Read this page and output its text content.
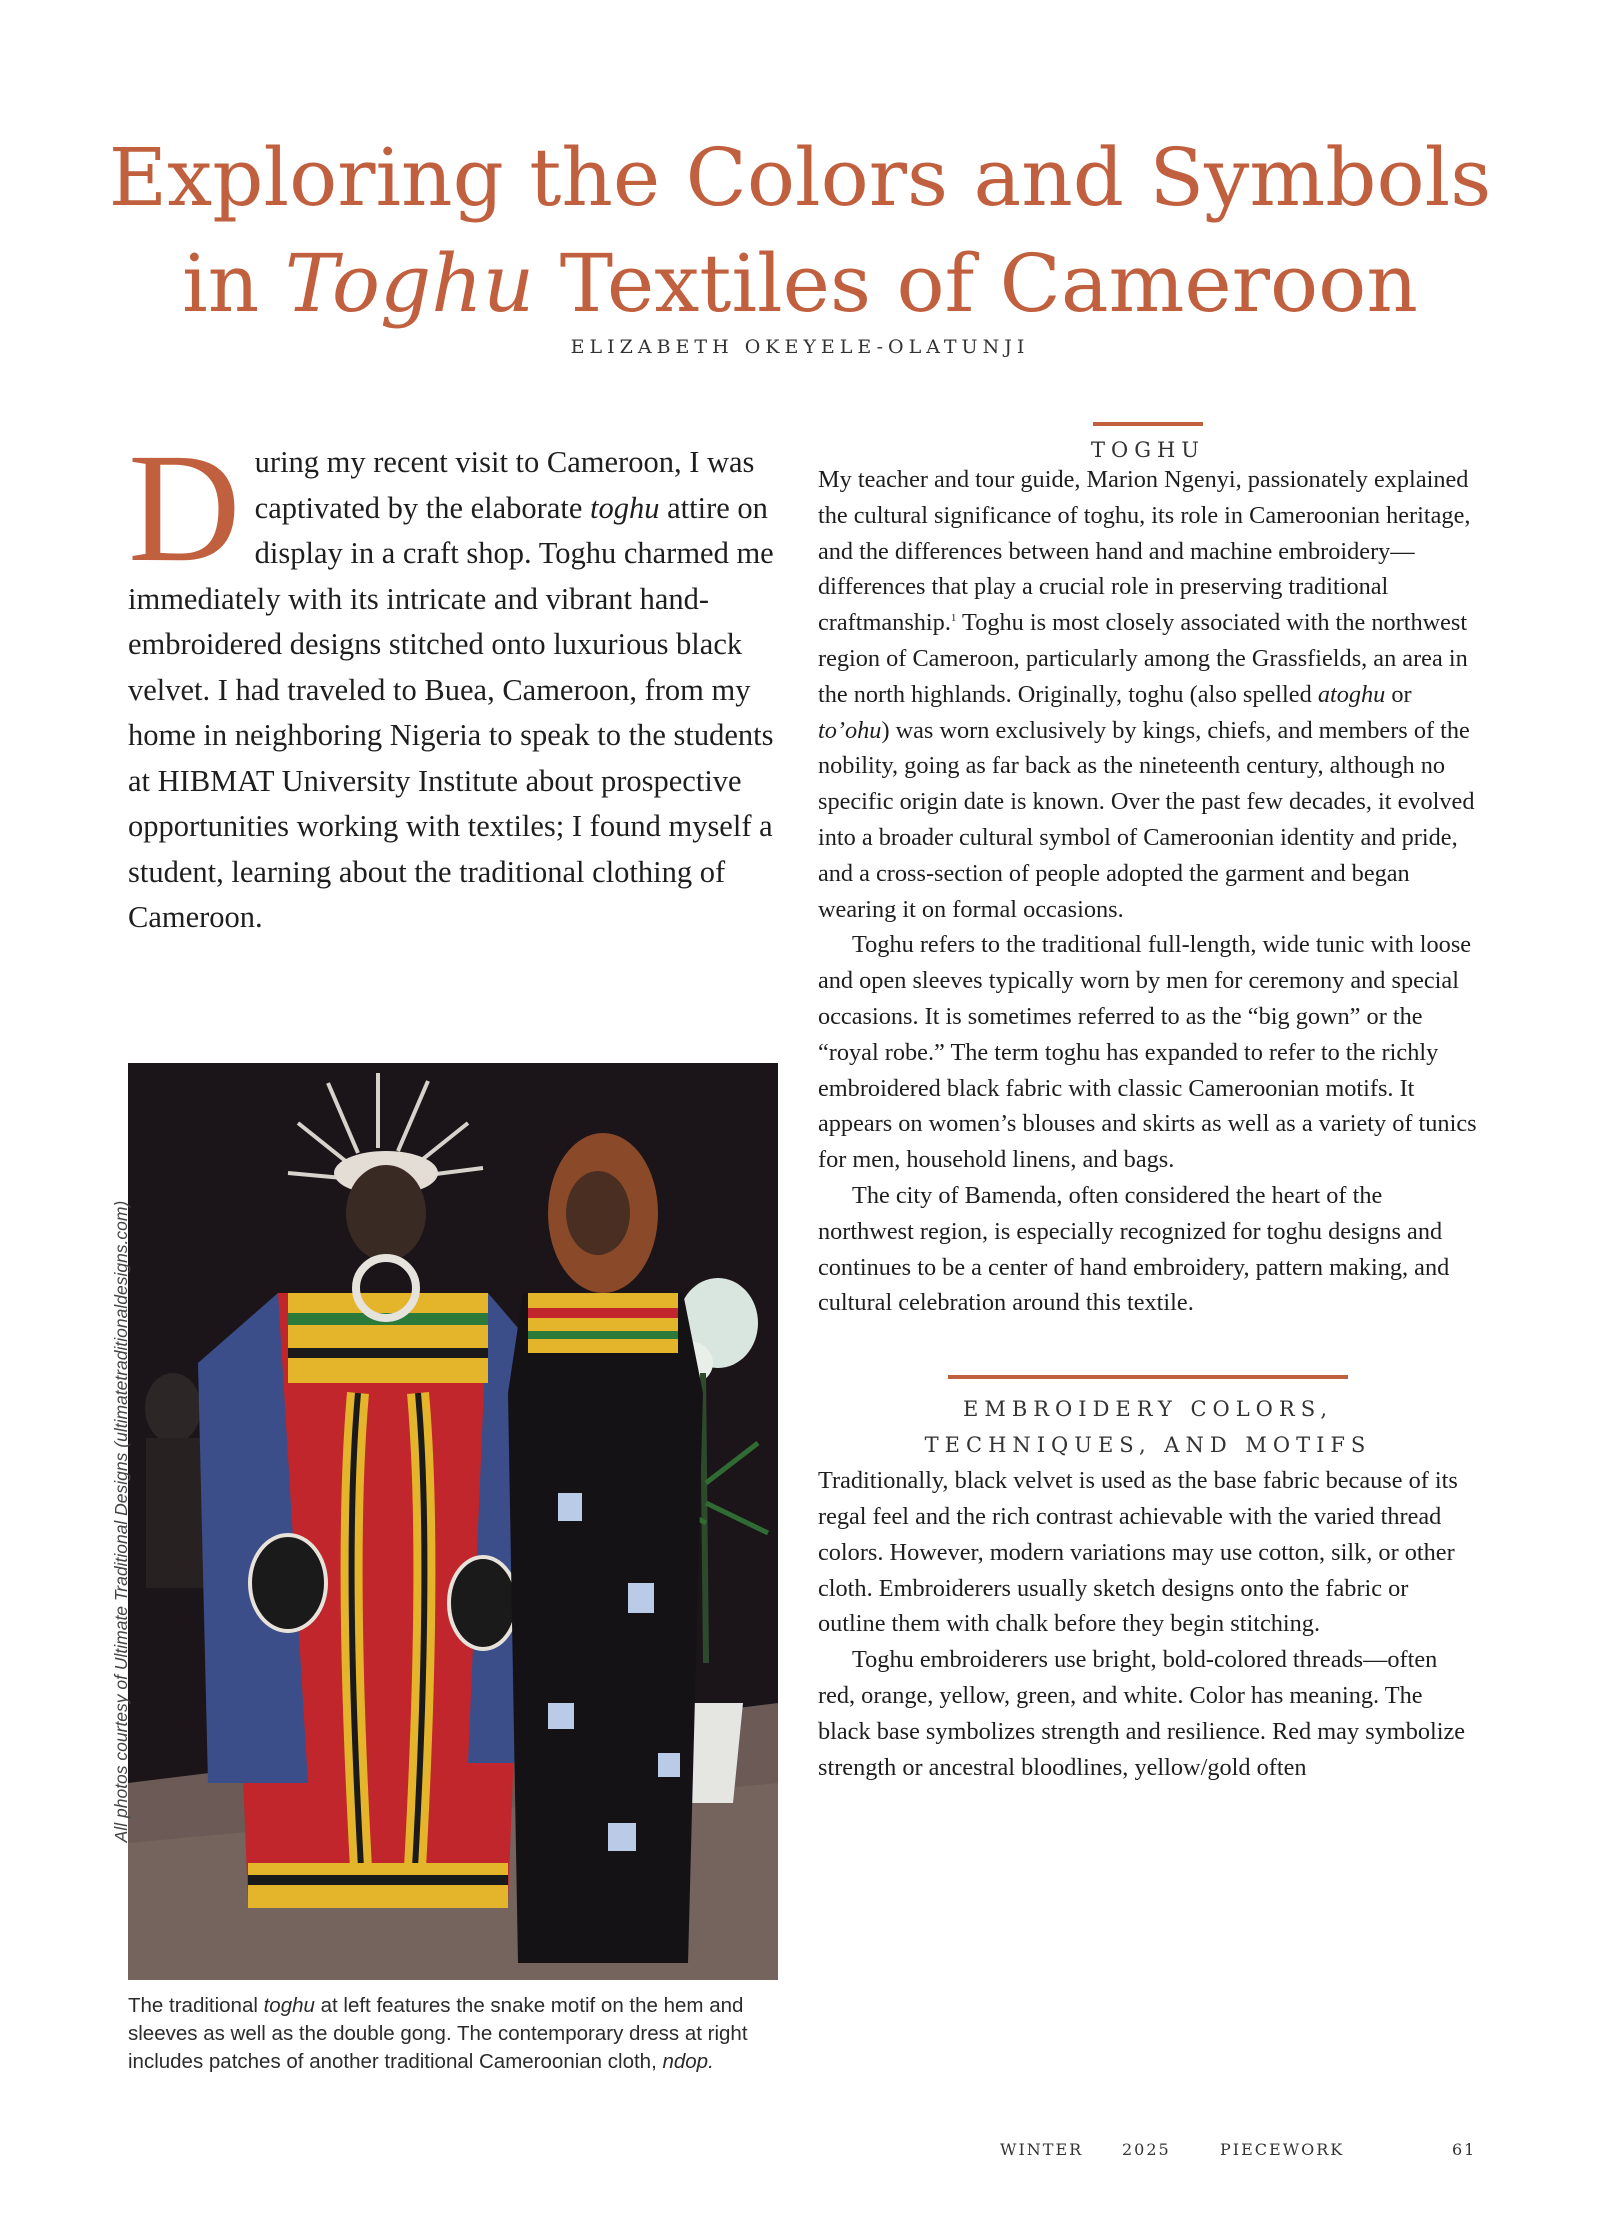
Exploring the Colors and Symbols
in Toghu Textiles of Cameroon
ELIZABETH OKEYELE-OLATUNJI

During my recent visit to Cameroon, I was captivated by the elaborate toghu attire on display in a craft shop. Toghu charmed me immediately with its intricate and vibrant hand-embroidered designs stitched onto luxurious black velvet. I had traveled to Buea, Cameroon, from my home in neighboring Nigeria to speak to the students at HIBMAT University Institute about prospective opportunities working with textiles; I found myself a student, learning about the traditional clothing of Cameroon.

All photos courtesy of Ultimate Traditional Designs (ultimatetraditionaldesigns.com)
The traditional toghu at left features the snake motif on the hem and sleeves as well as the double gong. The contemporary dress at right includes patches of another traditional Cameroonian cloth, ndop.
TOGHU

My teacher and tour guide, Marion Ngenyi, passionately explained the cultural significance of toghu, its role in Cameroonian heritage, and the differences between hand and machine embroidery—differences that play a crucial role in preserving traditional craftmanship.$^1$ Toghu is most closely associated with the northwest region of Cameroon, particularly among the Grassfields, an area in the north highlands. Originally, toghu (also spelled atoghu or to’ohu) was worn exclusively by kings, chiefs, and members of the nobility, going as far back as the nineteenth century, although no specific origin date is known. Over the past few decades, it evolved into a broader cultural symbol of Cameroonian identity and pride, and a cross-section of people adopted the garment and began wearing it on formal occasions.

Toghu refers to the traditional full-length, wide tunic with loose and open sleeves typically worn by men for ceremony and special occasions. It is sometimes referred to as the “big gown” or the “royal robe.” The term toghu has expanded to refer to the richly embroidered black fabric with classic Cameroonian motifs. It appears on women’s blouses and skirts as well as a variety of tunics for men, household linens, and bags.

The city of Bamenda, often considered the heart of the northwest region, is especially recognized for toghu designs and continues to be a center of hand embroidery, pattern making, and cultural celebration around this textile.

EMBROIDERY COLORS,
TECHNIQUES, AND MOTIFS

Traditionally, black velvet is used as the base fabric because of its regal feel and the rich contrast achievable with the varied thread colors. However, modern variations may use cotton, silk, or other cloth. Embroiderers usually sketch designs onto the fabric or outline them with chalk before they begin stitching.

Toghu embroiderers use bright, bold-colored threads—often red, orange, yellow, green, and white. Color has meaning. The black base symbolizes strength and resilience. Red may symbolize strength or ancestral bloodlines, yellow/gold often

WINTER 2025	PIECEWORK	61
